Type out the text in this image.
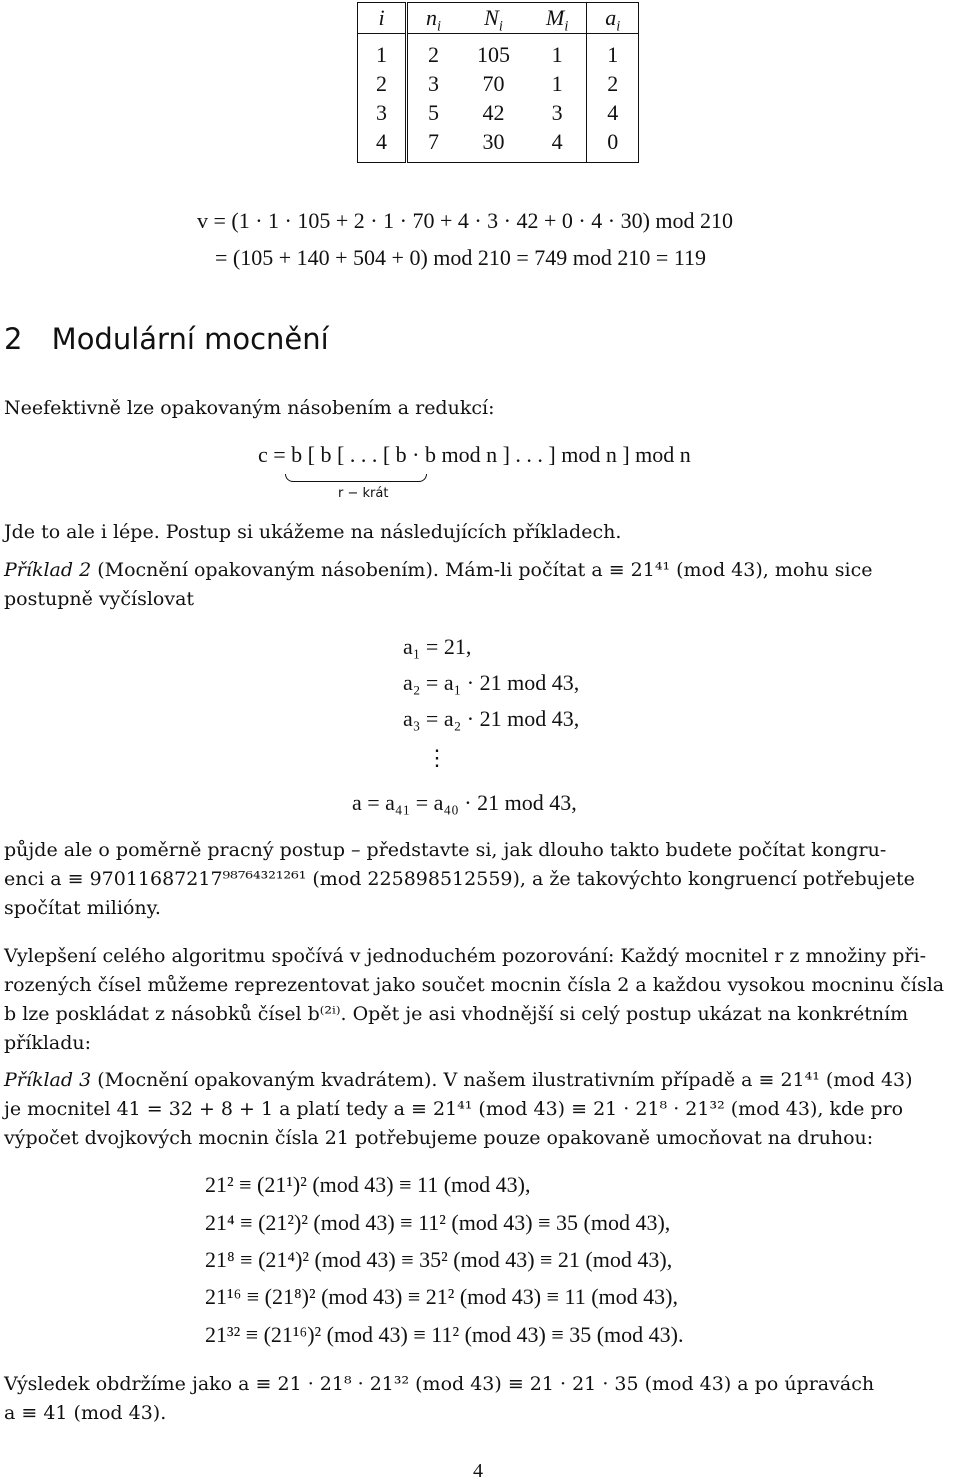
i	$n_i$	$N_i$	$M_i$	$a_i$
1	2	105	1	1
2	3	70	1	2
3	5	42	3	4
4	7	30	4	0
v = (1 · 1 · 105 + 2 · 1 · 70 + 4 · 3 · 42 + 0 · 4 · 30) mod 210
= (105 + 140 + 504 + 0) mod 210 = 749 mod 210 = 119
2 Modulární mocnění
Neefektivně lze opakovaným násobením a redukcí:
c = b [ b [ . . . [ b · b mod n ] . . . ] mod n ] mod n
r − krát
Jde to ale i lépe. Postup si ukážeme na následujících příkladech.
Příklad 2 (Mocnění opakovaným násobením). Mám-li počítat a ≡ 21⁴¹ (mod 43), mohu sice
postupně vyčíslovat
a₁ = 21,
a₂ = a₁ · 21 mod 43,
a₃ = a₂ · 21 mod 43,
⋮
a = a₄₁ = a₄₀ · 21 mod 43,
půjde ale o poměrně pracný postup – představte si, jak dlouho takto budete počítat kongru-
enci a ≡ 97011687217⁹⁸⁷⁶⁴³²¹²⁶¹ (mod 225898512559), a že takovýchto kongruencí potřebujete
spočítat milióny.
Vylepšení celého algoritmu spočívá v jednoduchém pozorování: Každý mocnitel r z množiny při-
rozených čísel můžeme reprezentovat jako součet mocnin čísla 2 a každou vysokou mocninu čísla
b lze poskládat z násobků čísel b⁽²ⁱ⁾. Opět je asi vhodnější si celý postup ukázat na konkrétním
příkladu:
Příklad 3 (Mocnění opakovaným kvadrátem). V našem ilustrativním případě a ≡ 21⁴¹ (mod 43)
je mocnitel 41 = 32 + 8 + 1 a platí tedy a ≡ 21⁴¹ (mod 43) ≡ 21 · 21⁸ · 21³² (mod 43), kde pro
výpočet dvojkových mocnin čísla 21 potřebujeme pouze opakovaně umocňovat na druhou:
21² ≡ (21¹)² (mod 43) ≡ 11 (mod 43),
21⁴ ≡ (21²)² (mod 43) ≡ 11² (mod 43) ≡ 35 (mod 43),
21⁸ ≡ (21⁴)² (mod 43) ≡ 35² (mod 43) ≡ 21 (mod 43),
21¹⁶ ≡ (21⁸)² (mod 43) ≡ 21² (mod 43) ≡ 11 (mod 43),
21³² ≡ (21¹⁶)² (mod 43) ≡ 11² (mod 43) ≡ 35 (mod 43).
Výsledek obdržíme jako a ≡ 21 · 21⁸ · 21³² (mod 43) ≡ 21 · 21 · 35 (mod 43) a po úpravách
a ≡ 41 (mod 43).
4
